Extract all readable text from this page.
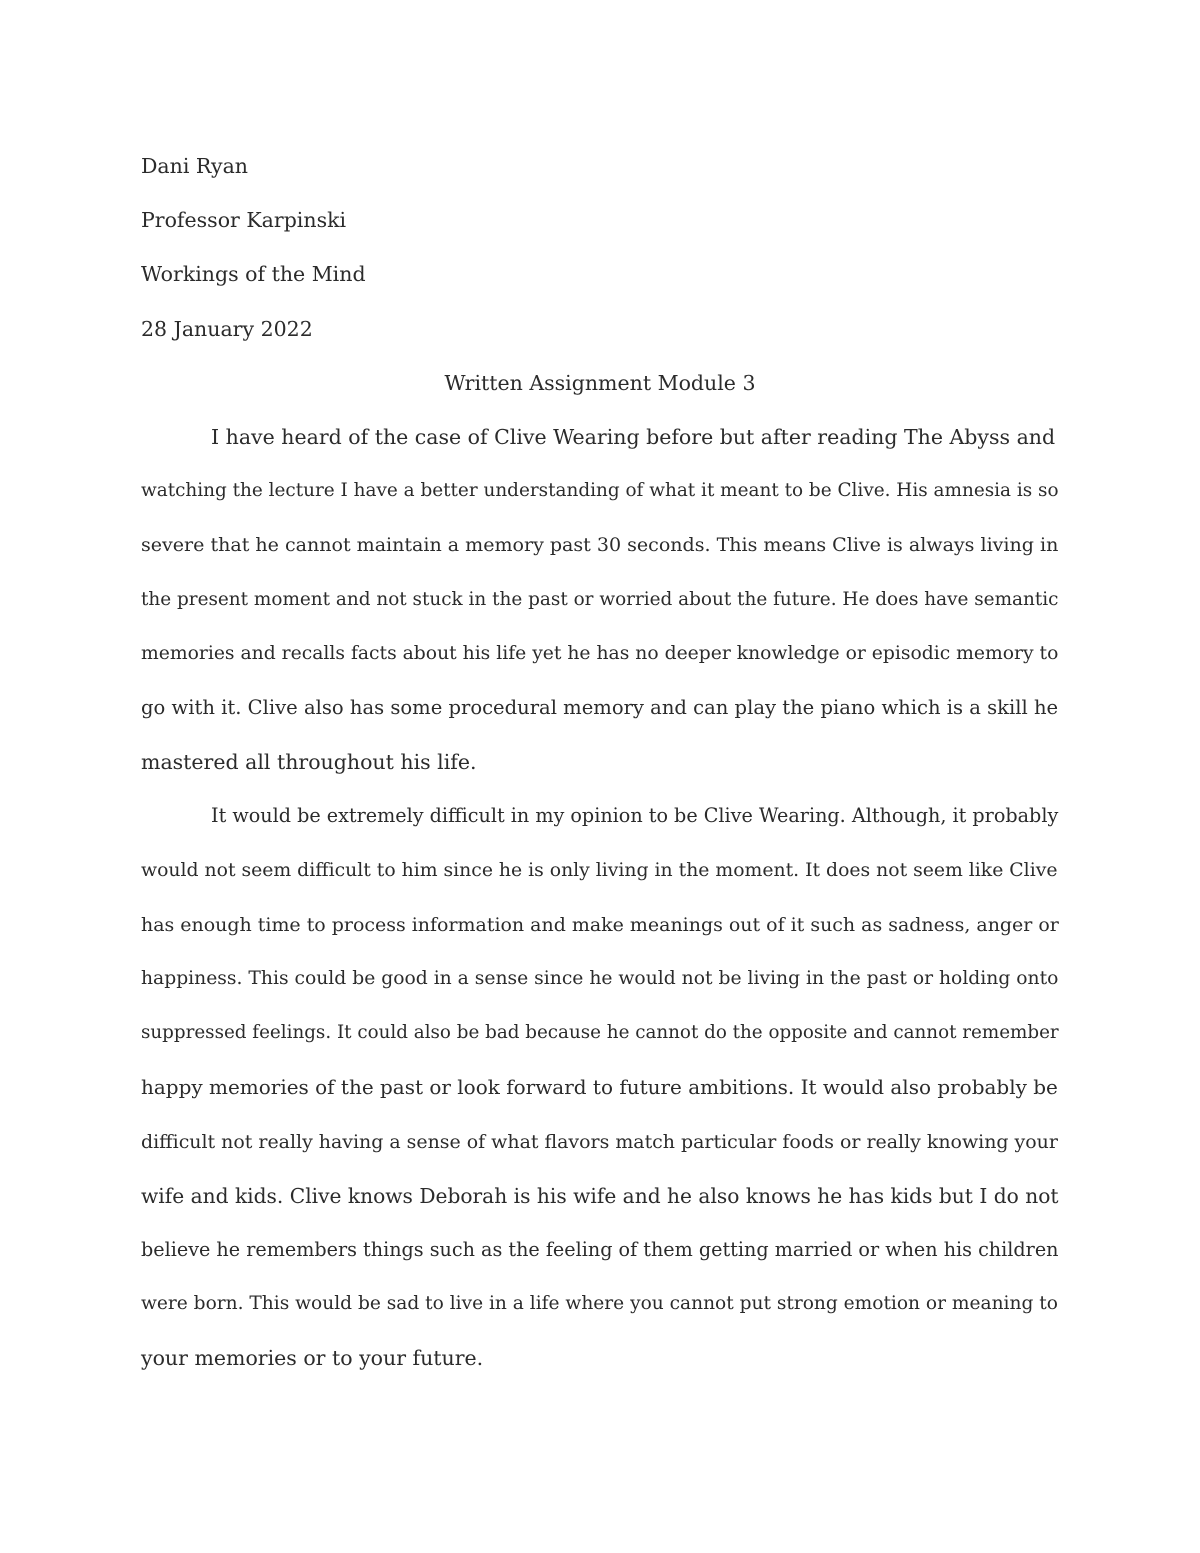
Dani Ryan
Professor Karpinski
Workings of the Mind
28 January 2022
Written Assignment Module 3
I have heard of the case of Clive Wearing before but after reading The Abyss and
watching the lecture I have a better understanding of what it meant to be Clive. His amnesia is so
severe that he cannot maintain a memory past 30 seconds. This means Clive is always living in
the present moment and not stuck in the past or worried about the future. He does have semantic
memories and recalls facts about his life yet he has no deeper knowledge or episodic memory to
go with it. Clive also has some procedural memory and can play the piano which is a skill he
mastered all throughout his life.
It would be extremely difficult in my opinion to be Clive Wearing. Although, it probably
would not seem difficult to him since he is only living in the moment. It does not seem like Clive
has enough time to process information and make meanings out of it such as sadness, anger or
happiness. This could be good in a sense since he would not be living in the past or holding onto
suppressed feelings. It could also be bad because he cannot do the opposite and cannot remember
happy memories of the past or look forward to future ambitions. It would also probably be
difficult not really having a sense of what flavors match particular foods or really knowing your
wife and kids. Clive knows Deborah is his wife and he also knows he has kids but I do not
believe he remembers things such as the feeling of them getting married or when his children
were born. This would be sad to live in a life where you cannot put strong emotion or meaning to
your memories or to your future.
